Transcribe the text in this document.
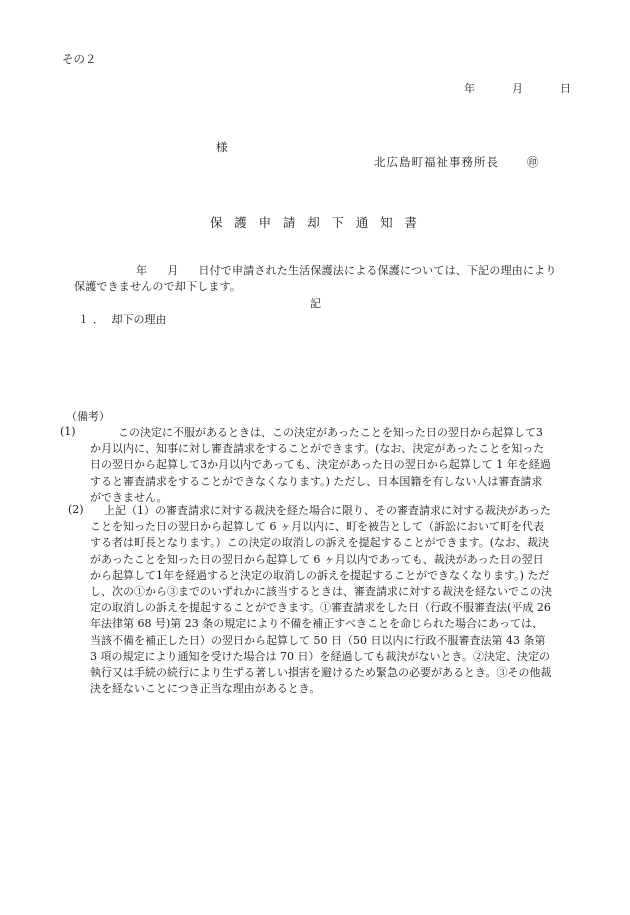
その２
年	月	日
様
北広島町福祉事務所長 ㊞
保護申請却下通知書
年 月 日付で申請された生活保護法による保護については、下記の理由により保護できませんので却下します。
記
１． 却下の理由
（備考）
(1)	この決定に不服があるときは、この決定があったことを知った日の翌日から起算して3か月以内に、知事に対し審査請求をすることができます。(なお、決定があったことを知った日の翌日から起算して3か月以内であっても、決定があった日の翌日から起算して 1 年を経過すると審査請求をすることができなくなります。) ただし、日本国籍を有しない人は審査請求ができません。
(2)	上記（1）の審査請求に対する裁決を経た場合に限り、その審査請求に対する裁決があったことを知った日の翌日から起算して 6 ヶ月以内に、町を被告として（訴訟において町を代表する者は町長となります。）この決定の取消しの訴えを提起することができます。(なお、裁決があったことを知った日の翌日から起算して 6 ヶ月以内であっても、裁決があった日の翌日から起算して1年を経過すると決定の取消しの訴えを提起することができなくなります。) ただし、次の①から③までのいずれかに該当するときは、審査請求に対する裁決を経ないでこの決定の取消しの訴えを提起することができます。①審査請求をした日（行政不服審査法(平成 26 年法律第 68 号)第 23 条の規定により不備を補正すべきことを命じられた場合にあっては、当該不備を補正した日）の翌日から起算して 50 日（50 日以内に行政不服審査法第 43 条第 3 項の規定により通知を受けた場合は 70 日）を経過しても裁決がないとき。②決定、決定の執行又は手続の続行により生ずる著しい損害を避けるため緊急の必要があるとき。③その他裁決を経ないことにつき正当な理由があるとき。
